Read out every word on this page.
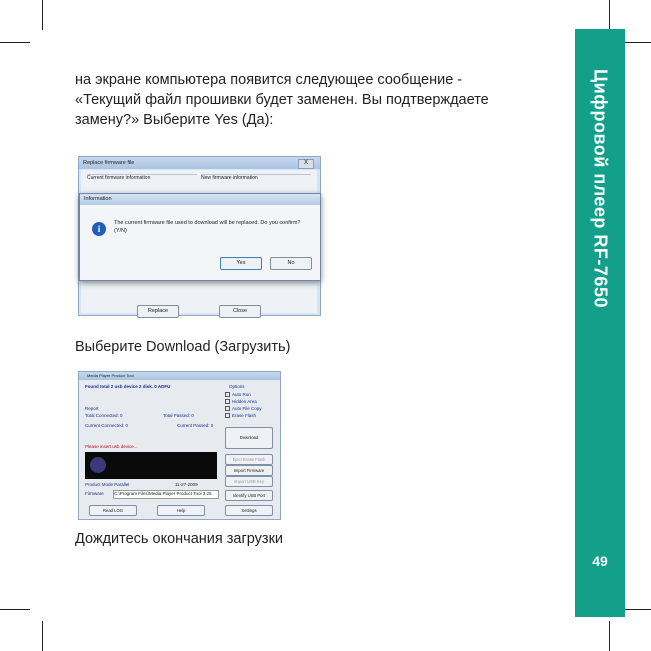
Цифровой плеер RF-7650
49
на экране компьютера появится следующее сообщение -
«Текущий файл прошивки будет заменен. Вы подтверждаете
замену?» Выберите Yes (Да):
Replace firmware file	X
Current firmware information	New firmware information
Replace	Close
Information
i
The current firmware file used to download will be replaced. Do you confirm?(Y/N)
Yes	No
Выберите Download (Загрузить)
Media Player Product Tool
Found total 2 usb device 2 disk. 0 ADFU
Report
Total Connected: 0	Total Passed: 0
Current Connected: 0	Current Passed: 0
Please insert usb device...
Product Mode Parallel	11-27-2009
Firmware C:\Program Files\Media Player Product Tool 3.25
Options
Auto Run
Hidden Area
Auto File Copy
Erase Flash
Download
Eject Erase Flash
Import Firmware
Import USB Key
Identify USB Port
Read LOG	Help	Settings
Дождитесь окончания загрузки
